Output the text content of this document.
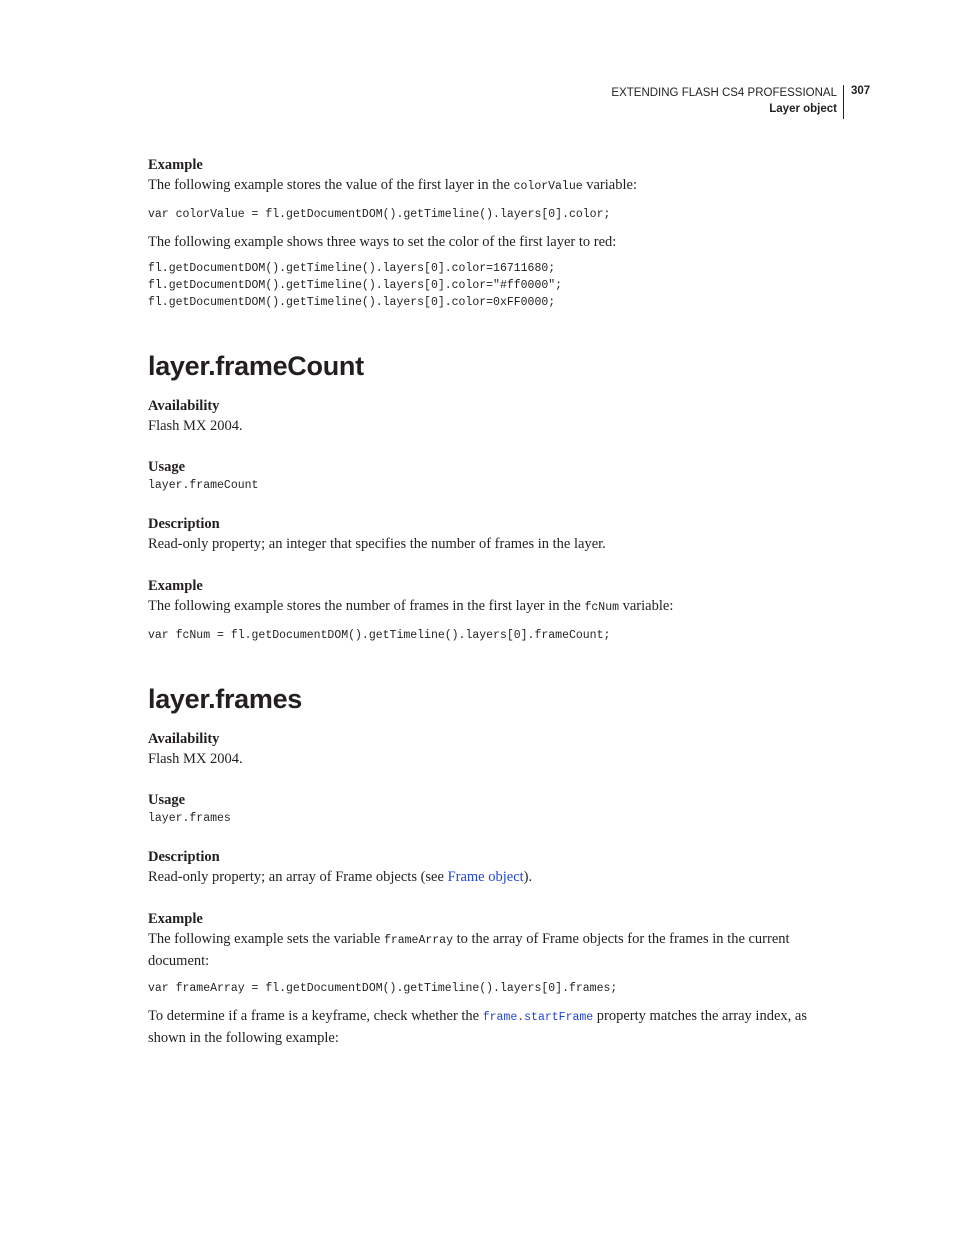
EXTENDING FLASH CS4 PROFESSIONAL
Layer object
307
Example
The following example stores the value of the first layer in the colorValue variable:
var colorValue = fl.getDocumentDOM().getTimeline().layers[0].color;
The following example shows three ways to set the color of the first layer to red:
fl.getDocumentDOM().getTimeline().layers[0].color=16711680;
fl.getDocumentDOM().getTimeline().layers[0].color="#ff0000";
fl.getDocumentDOM().getTimeline().layers[0].color=0xFF0000;
layer.frameCount
Availability
Flash MX 2004.
Usage
layer.frameCount
Description
Read-only property; an integer that specifies the number of frames in the layer.
Example
The following example stores the number of frames in the first layer in the fcNum variable:
var fcNum = fl.getDocumentDOM().getTimeline().layers[0].frameCount;
layer.frames
Availability
Flash MX 2004.
Usage
layer.frames
Description
Read-only property; an array of Frame objects (see Frame object).
Example
The following example sets the variable frameArray to the array of Frame objects for the frames in the current document:
var frameArray = fl.getDocumentDOM().getTimeline().layers[0].frames;
To determine if a frame is a keyframe, check whether the frame.startFrame property matches the array index, as shown in the following example:
